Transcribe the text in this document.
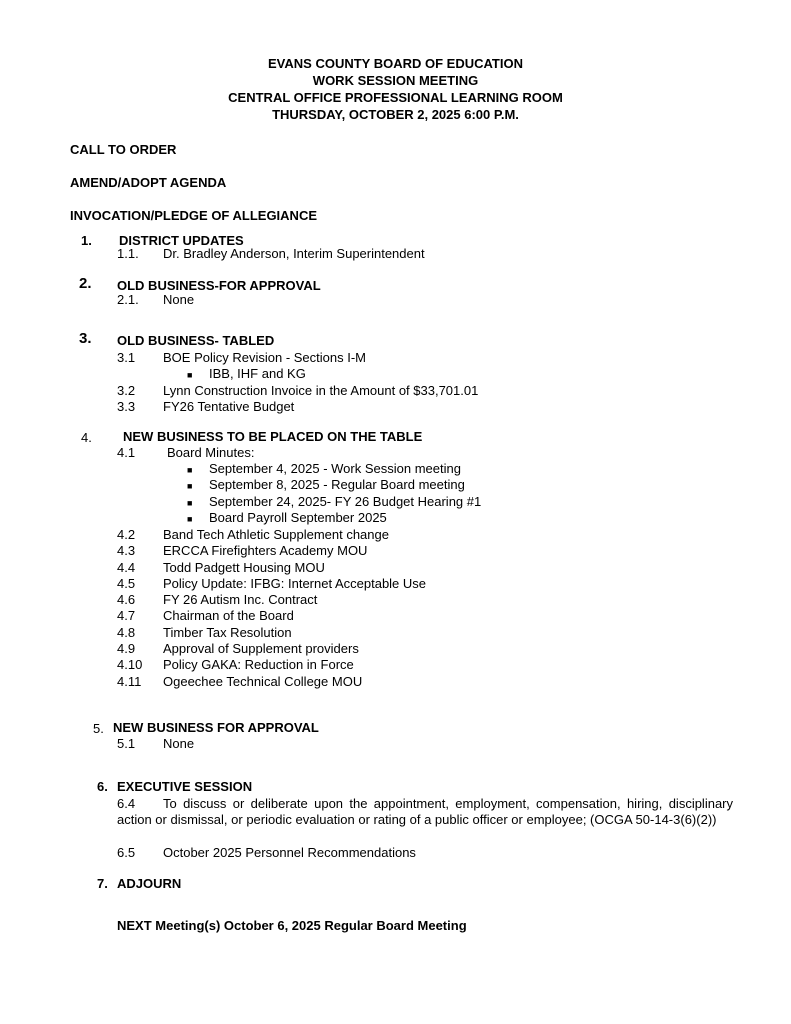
EVANS COUNTY BOARD OF EDUCATION
WORK SESSION MEETING
CENTRAL OFFICE PROFESSIONAL LEARNING ROOM
THURSDAY, OCTOBER 2, 2025 6:00 P.M.
CALL TO ORDER
AMEND/ADOPT AGENDA
INVOCATION/PLEDGE OF ALLEGIANCE
1. DISTRICT UPDATES
1.1. Dr. Bradley Anderson, Interim Superintendent
2. OLD BUSINESS-FOR APPROVAL
2.1. None
3. OLD BUSINESS- TABLED
3.1 BOE Policy Revision - Sections I-M
■ IBB, IHF and KG
3.2 Lynn Construction Invoice in the Amount of $33,701.01
3.3 FY26 Tentative Budget
4. NEW BUSINESS TO BE PLACED ON THE TABLE
4.1 Board Minutes:
■ September 4, 2025 - Work Session meeting
■ September 8, 2025 - Regular Board meeting
■ September 24, 2025- FY 26 Budget Hearing #1
■ Board Payroll September 2025
4.2 Band Tech Athletic Supplement change
4.3 ERCCA Firefighters Academy MOU
4.4 Todd Padgett Housing MOU
4.5 Policy Update: IFBG: Internet Acceptable Use
4.6 FY 26 Autism Inc. Contract
4.7 Chairman of the Board
4.8 Timber Tax Resolution
4.9 Approval of Supplement providers
4.10 Policy GAKA: Reduction in Force
4.11 Ogeechee Technical College MOU
5. NEW BUSINESS FOR APPROVAL
5.1 None
6. EXECUTIVE SESSION
6.4	To discuss or deliberate upon the appointment, employment, compensation, hiring, disciplinary action or dismissal, or periodic evaluation or rating of a public officer or employee; (OCGA 50-14-3(6)(2))
6.5 October 2025 Personnel Recommendations
7. ADJOURN
NEXT Meeting(s) October 6, 2025 Regular Board Meeting
